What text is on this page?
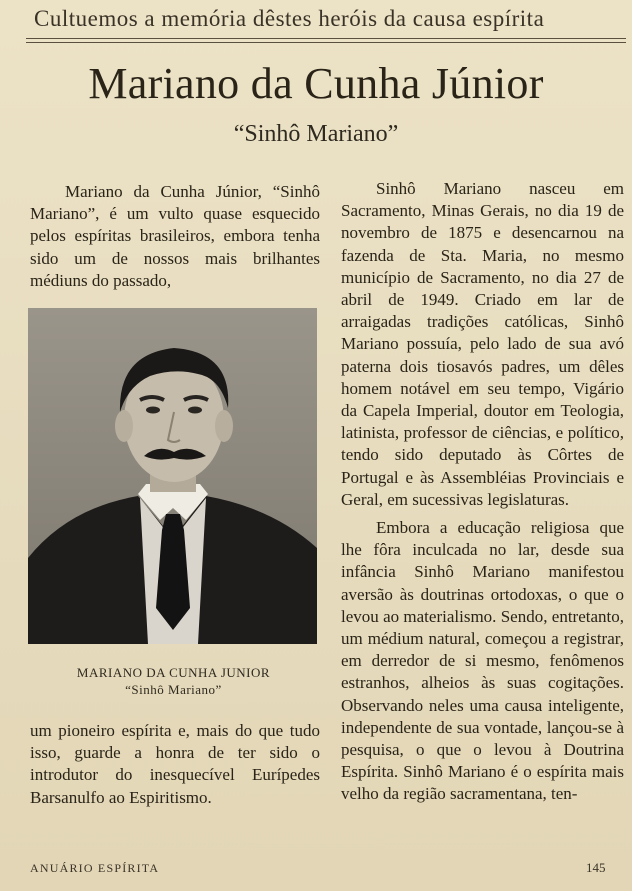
Cultuemos a memória dêstes heróis da causa espírita
Mariano da Cunha Júnior
“Sinhô Mariano”

Mariano da Cunha Júnior, “Sinhô Mariano”, é um vulto quase esquecido pelos espíritas brasileiros, embora tenha sido um de nossos mais brilhantes médiuns do passado,

MARIANO DA CUNHA JUNIOR
“Sinhô Mariano”

um pioneiro espírita e, mais do que tudo isso, guarde a honra de ter sido o introdutor do inesquecível Eurípedes Barsanulfo ao Espiritismo.

Sinhô Mariano nasceu em Sacramento, Minas Gerais, no dia 19 de novembro de 1875 e desencarnou na fazenda de Sta. Maria, no mesmo município de Sacramento, no dia 27 de abril de 1949. Criado em lar de arraigadas tradições católicas, Sinhô Mariano possuía, pelo lado de sua avó paterna dois tiosavós padres, um dêles homem notável em seu tempo, Vigário da Capela Imperial, doutor em Teologia, latinista, professor de ciências, e político, tendo sido deputado às Côrtes de Portugal e às Assembléias Provinciais e Geral, em sucessivas legislaturas.

Embora a educação religiosa que lhe fôra inculcada no lar, desde sua infância Sinhô Mariano manifestou aversão às doutrinas ortodoxas, o que o levou ao materialismo. Sendo, entretanto, um médium natural, começou a registrar, em derredor de si mesmo, fenômenos estranhos, alheios às suas cogitações. Observando neles uma causa inteligente, independente de sua vontade, lançou-se à pesquisa, o que o levou à Doutrina Espírita. Sinhô Mariano é o espírita mais velho da região sacramentana, ten-

ANUÁRIO ESPÍRITA	145
